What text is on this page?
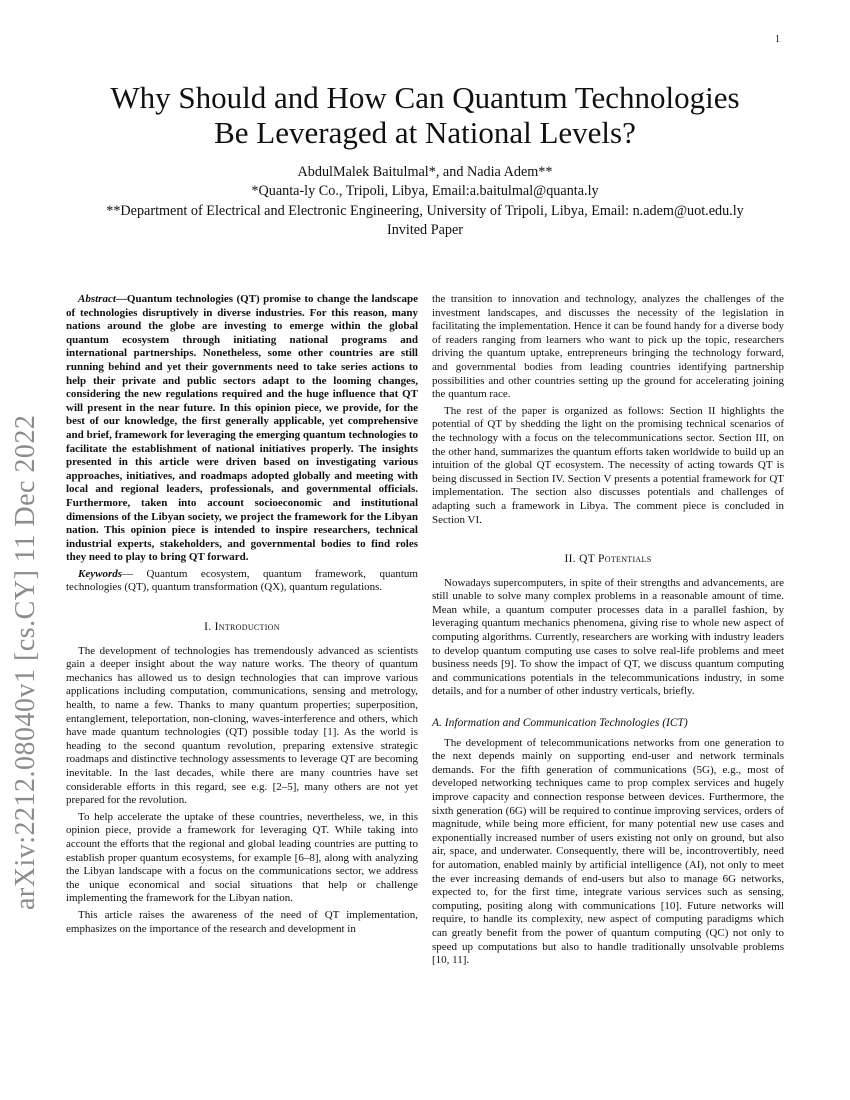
1
arXiv:2212.08040v1 [cs.CY] 11 Dec 2022
Why Should and How Can Quantum Technologies
Be Leveraged at National Levels?
AbdulMalek Baitulmal*, and Nadia Adem**
*Quanta-ly Co., Tripoli, Libya, Email:a.baitulmal@quanta.ly
**Department of Electrical and Electronic Engineering, University of Tripoli, Libya, Email: n.adem@uot.edu.ly
Invited Paper

Abstract—Quantum technologies (QT) promise to change the landscape of technologies disruptively in diverse industries. For this reason, many nations around the globe are investing to emerge within the global quantum ecosystem through initiating national programs and international partnerships. Nonetheless, some other countries are still running behind and yet their governments need to take series actions to help their private and public sectors adapt to the looming changes, considering the new regulations required and the huge influence that QT will present in the near future. In this opinion piece, we provide, for the best of our knowledge, the first generally applicable, yet comprehensive and brief, framework for leveraging the emerging quantum technologies to facilitate the establishment of national initiatives properly. The insights presented in this article were driven based on investigating various approaches, initiatives, and roadmaps adopted globally and meeting with local and regional leaders, professionals, and governmental officials. Furthermore, taken into account socioeconomic and institutional dimensions of the Libyan society, we project the framework for the Libyan nation. This opinion piece is intended to inspire researchers, technical industrial experts, stakeholders, and governmental bodies to find roles they need to play to bring QT forward.

Keywords— Quantum ecosystem, quantum framework, quantum technologies (QT), quantum transformation (QX), quantum regulations.

I. Introduction

The development of technologies has tremendously advanced as scientists gain a deeper insight about the way nature works. The theory of quantum mechanics has allowed us to design technologies that can improve various applications including computation, communications, sensing and metrology, health, to name a few. Thanks to many quantum properties; superposition, entanglement, teleportation, non-cloning, waves-interference and others, which have made quantum technologies (QT) possible today [1]. As the world is heading to the second quantum revolution, preparing extensive strategic roadmaps and distinctive technology assessments to leverage QT are becoming inevitable. In the last decades, while there are many countries have set considerable efforts in this regard, see e.g. [2–5], many others are not yet prepared for the revolution.

To help accelerate the uptake of these countries, nevertheless, we, in this opinion piece, provide a framework for leveraging QT. While taking into account the efforts that the regional and global leading countries are putting to establish proper quantum ecosystems, for example [6–8], along with analyzing the Libyan landscape with a focus on the communications sector, we address the unique economical and social situations that help or challenge implementing the framework for the Libyan nation.

This article raises the awareness of the need of QT implementation, emphasizes on the importance of the research and development in

the transition to innovation and technology, analyzes the challenges of the investment landscapes, and discusses the necessity of the legislation in facilitating the implementation. Hence it can be found handy for a diverse body of readers ranging from learners who want to pick up the topic, researchers driving the quantum uptake, entrepreneurs bringing the technology forward, and governmental bodies from leading countries identifying partnership possibilities and other countries setting up the ground for accelerating joining the quantum race.

The rest of the paper is organized as follows: Section II highlights the potential of QT by shedding the light on the promising technical scenarios of the technology with a focus on the telecommunications sector. Section III, on the other hand, summarizes the quantum efforts taken worldwide to build up an intuition of the global QT ecosystem. The necessity of acting towards QT is being discussed in Section IV. Section V presents a potential framework for QT implementation. The section also discusses potentials and challenges of adapting such a framework in Libya. The comment piece is concluded in Section VI.

II. QT Potentials

Nowadays supercomputers, in spite of their strengths and advancements, are still unable to solve many complex problems in a reasonable amount of time. Mean while, a quantum computer processes data in a parallel fashion, by leveraging quantum mechanics phenomena, giving rise to whole new aspect of computing algorithms. Currently, researchers are working with industry leaders to develop quantum computing use cases to solve real-life problems and meet business needs [9]. To show the impact of QT, we discuss quantum computing and communications potentials in the telecommunications industry, in some details, and for a number of other industry verticals, briefly.

A. Information and Communication Technologies (ICT)

The development of telecommunications networks from one generation to the next depends mainly on supporting end-user and network terminals demands. For the fifth generation of communications (5G), e.g., most of developed networking techniques came to prop complex services and hugely improve capacity and connection response between devices. Furthermore, the sixth generation (6G) will be required to continue improving services, orders of magnitude, while being more efficient, for many potential new use cases and exponentially increased number of users existing not only on ground, but also air, space, and underwater. Consequently, there will be, incontrovertibly, need for automation, enabled mainly by artificial intelligence (AI), not only to meet the ever increasing demands of end-users but also to manage 6G networks, expected to, for the first time, integrate various services such as sensing, computing, positing along with communications [10]. Future networks will require, to handle its complexity, new aspect of computing paradigms which can greatly benefit from the power of quantum computing (QC) not only to speed up computations but also to handle traditionally unsolvable problems [10, 11].
